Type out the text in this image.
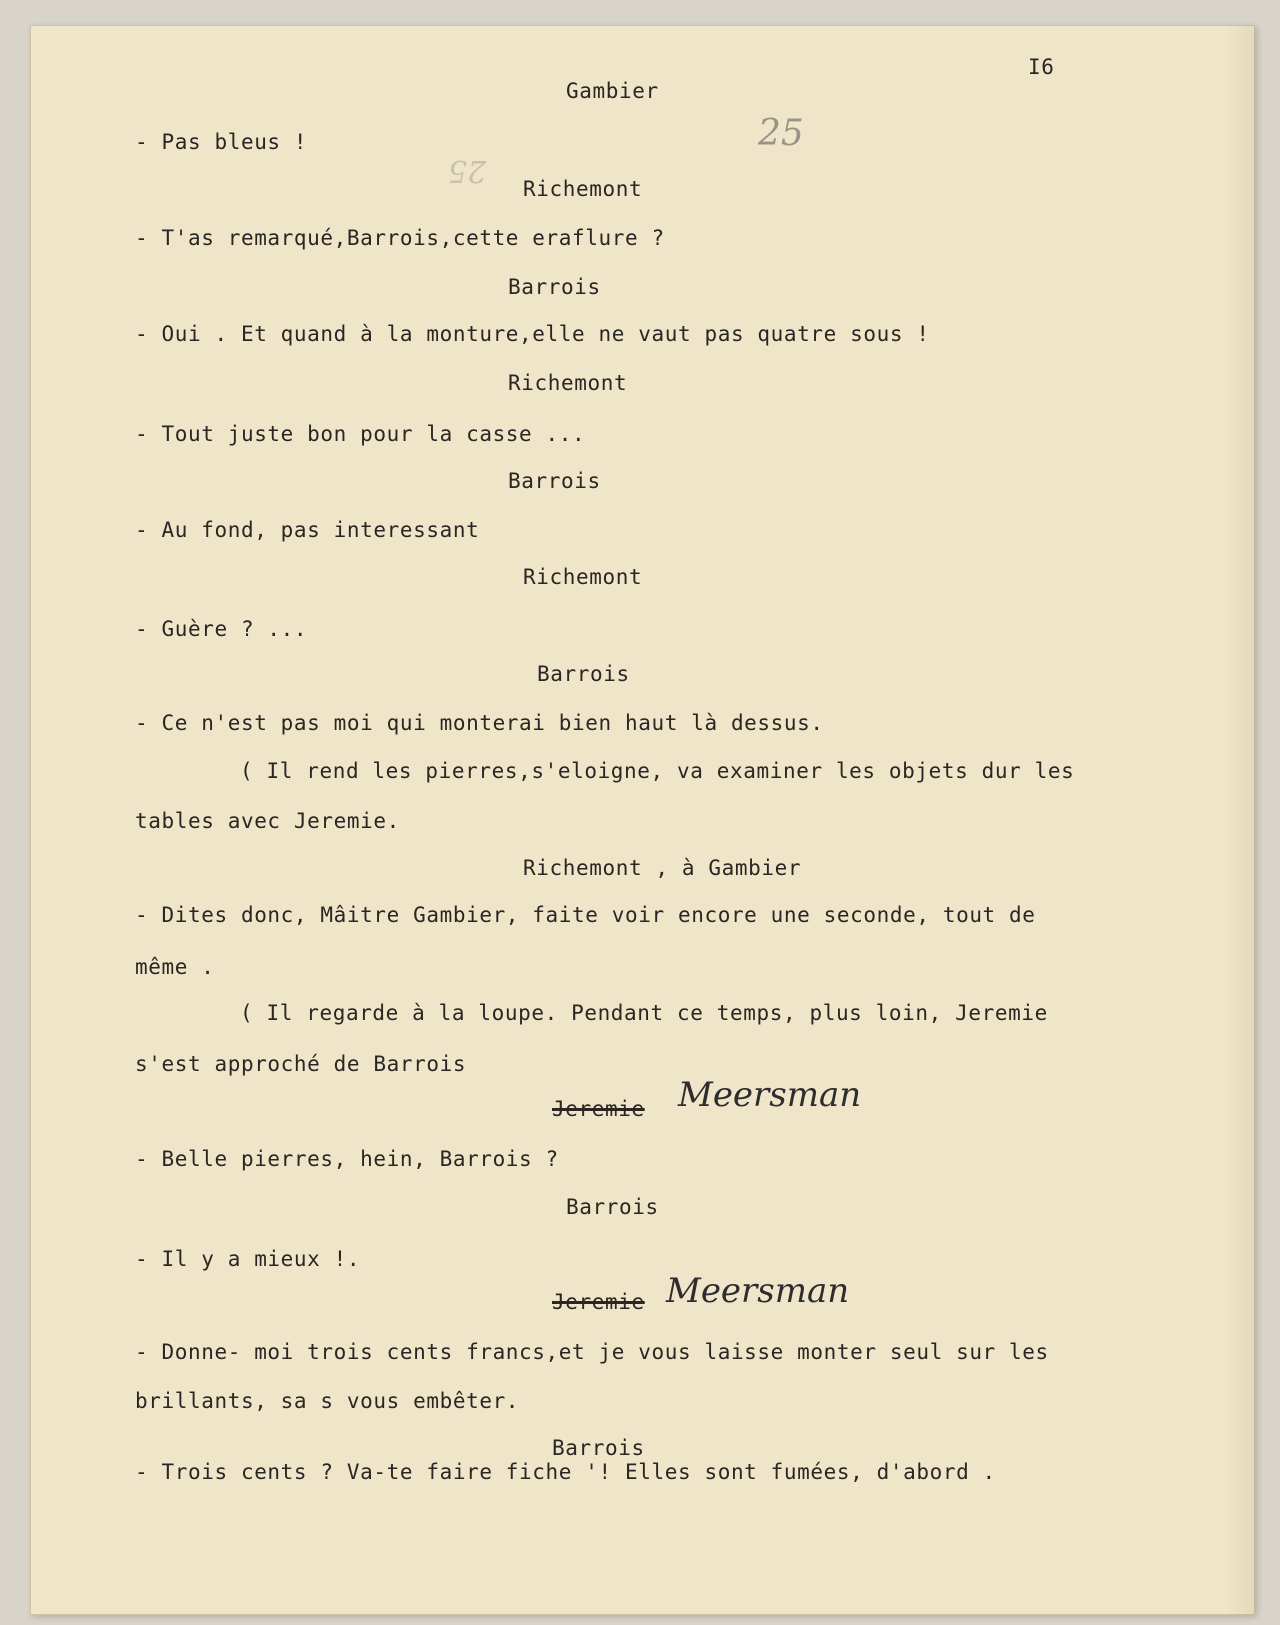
I6
25
25
Gambier
- Pas bleus !
Richemont
- T'as remarqué,Barrois,cette eraflure ?
Barrois
- Oui . Et quand à la monture,elle ne vaut pas quatre sous !
Richemont
- Tout juste bon pour la casse ...
Barrois
- Au fond, pas interessant
Richemont
- Guère ? ...
Barrois
- Ce n'est pas moi qui monterai bien haut là dessus.
( Il rend les pierres,s'eloigne, va examiner les objets dur les
tables avec Jeremie.
Richemont , à Gambier
- Dites donc, Mâitre Gambier, faite voir encore une seconde, tout de
même .
( Il regarde à la loupe. Pendant ce temps, plus loin, Jeremie
s'est approché de Barrois
Jeremie Meersman
- Belle pierres, hein, Barrois ?
Barrois
- Il y a mieux !.
Jeremie Meersman
- Donne- moi trois cents francs,et je vous laisse monter seul sur les
brillants, sa s vous embêter.
Barrois
- Trois cents ? Va-te faire fiche '! Elles sont fumées, d'abord .
